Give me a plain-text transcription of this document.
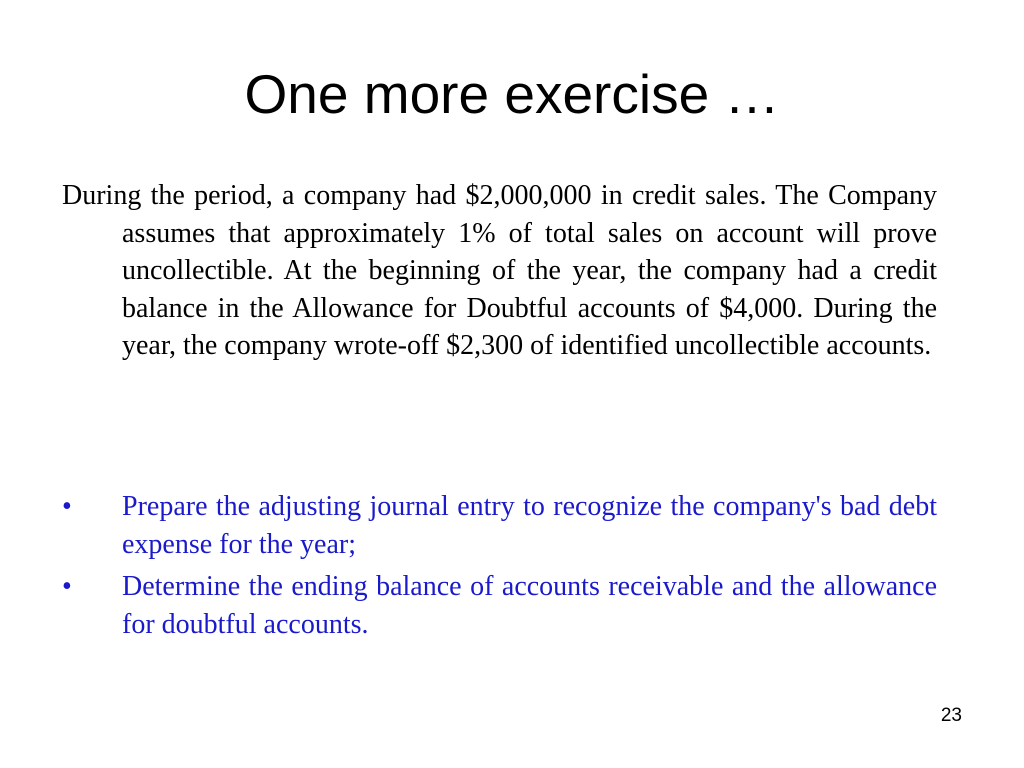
One more exercise …

During the period, a company had $2,000,000 in credit sales. The Company assumes that approximately 1% of total sales on account will prove uncollectible. At the beginning of the year, the company had a credit balance in the Allowance for Doubtful accounts of $4,000. During the year, the company wrote-off $2,300 of identified uncollectible accounts.

• Prepare the adjusting journal entry to recognize the company's bad debt expense for the year;
• Determine the ending balance of accounts receivable and the allowance for doubtful accounts.
23
